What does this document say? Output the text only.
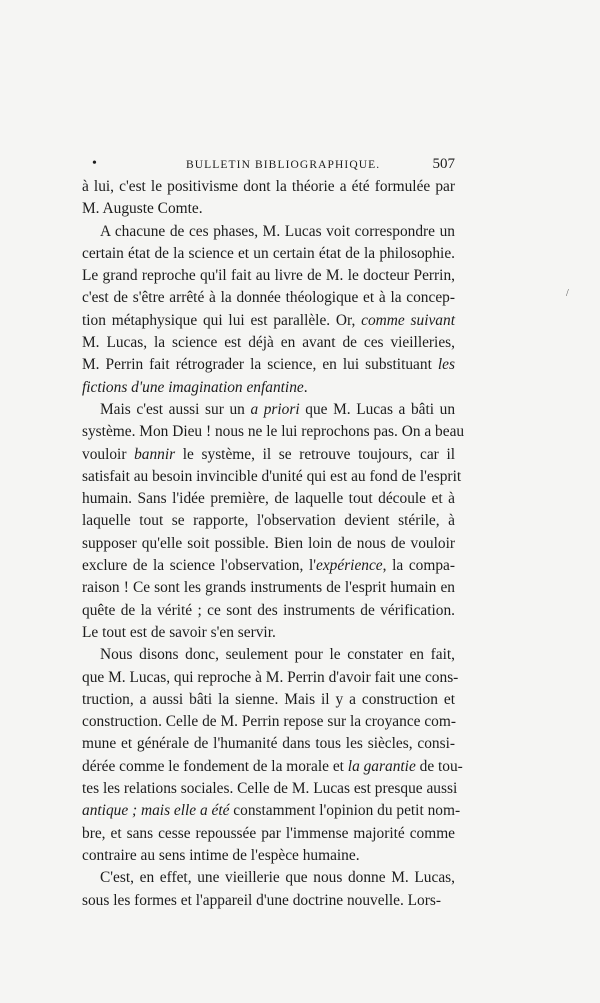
•	BULLETIN BIBLIOGRAPHIQUE.	507
/
à lui, c'est le positivisme dont la théorie a été formulée par
M. Auguste Comte.
A chacune de ces phases, M. Lucas voit correspondre un
certain état de la science et un certain état de la philosophie.
Le grand reproche qu'il fait au livre de M. le docteur Perrin,
c'est de s'être arrêté à la donnée théologique et à la concep-
tion métaphysique qui lui est parallèle. Or, comme suivant
M. Lucas, la science est déjà en avant de ces vieilleries,
M. Perrin fait rétrograder la science, en lui substituant les
fictions d'une imagination enfantine.
Mais c'est aussi sur un a priori que M. Lucas a bâti un
système. Mon Dieu ! nous ne le lui reprochons pas. On a beau
vouloir bannir le système, il se retrouve toujours, car il
satisfait au besoin invincible d'unité qui est au fond de l'esprit
humain. Sans l'idée première, de laquelle tout découle et à
laquelle tout se rapporte, l'observation devient stérile, à
supposer qu'elle soit possible. Bien loin de nous de vouloir
exclure de la science l'observation, l'expérience, la compa-
raison ! Ce sont les grands instruments de l'esprit humain en
quête de la vérité ; ce sont des instruments de vérification.
Le tout est de savoir s'en servir.
Nous disons donc, seulement pour le constater en fait,
que M. Lucas, qui reproche à M. Perrin d'avoir fait une cons-
truction, a aussi bâti la sienne. Mais il y a construction et
construction. Celle de M. Perrin repose sur la croyance com-
mune et générale de l'humanité dans tous les siècles, consi-
dérée comme le fondement de la morale et la garantie de tou-
tes les relations sociales. Celle de M. Lucas est presque aussi
antique ; mais elle a été constamment l'opinion du petit nom-
bre, et sans cesse repoussée par l'immense majorité comme
contraire au sens intime de l'espèce humaine.
C'est, en effet, une vieillerie que nous donne M. Lucas,
sous les formes et l'appareil d'une doctrine nouvelle. Lors-
